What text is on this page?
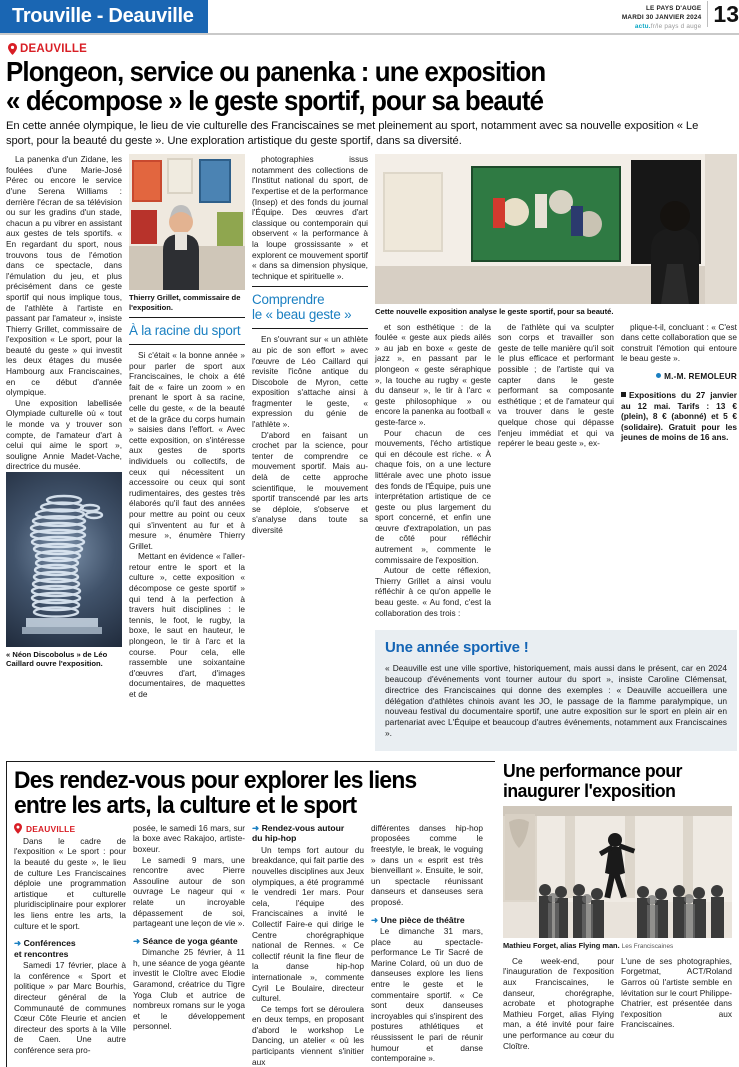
Trouville - Deauville	LE PAYS D'AUGE
MARDI 30 JANVIER 2024
actu.fr/le pays d auge 13
DEAUVILLE
Plongeon, service ou panenka : une exposition
« décompose » le geste sportif, pour sa beauté
En cette année olympique, le lieu de vie culturelle des Franciscaines se met pleinement au sport, notamment avec sa nouvelle exposition « Le sport, pour la beauté du geste ». Une exploration artistique du geste sportif, dans sa diversité.

La panenka d'un Zidane, les foulées d'une Marie-José Pérec ou encore le service d'une Serena Williams : derrière l'écran de sa télévision ou sur les gradins d'un stade, chacun a pu vibrer en assistant aux gestes de tels sportifs. « En regardant du sport, nous trouvons tous de l'émotion dans ce spectacle, dans l'émulation du jeu, et plus précisément dans ce geste sportif qui nous implique tous, de l'athlète à l'artiste en passant par l'amateur », insiste Thierry Grillet, commissaire de l'exposition « Le sport, pour la beauté du geste » qui investit les deux étages du musée Hambourg aux Franciscaines, en ce début d'année olympique.

Une exposition labellisée Olympiade culturelle où « tout le monde va y trouver son compte, de l'amateur d'art à celui qui aime le sport », souligne Annie Madet-Vache, directrice du musée.

« Néon Discobolus » de Léo Caillard ouvre l'exposition.
Thierry Grillet, commissaire de l'exposition.
À la racine du sport

Si c'était « la bonne année » pour parler de sport aux Franciscaines, le choix a été fait de « faire un zoom » en prenant le sport à sa racine, celle du geste, « de la beauté et de la grâce du corps humain » saisies dans l'effort. « Avec cette exposition, on s'intéresse aux gestes de sports individuels ou collectifs, de ceux qui nécessitent un accessoire ou ceux qui sont rudimentaires, des gestes très élaborés qu'il faut des années pour mettre au point ou ceux qui s'inventent au fur et à mesure », énumère Thierry Grillet.

Mettant en évidence « l'aller-retour entre le sport et la culture », cette exposition « décompose ce geste sportif » qui tend à la perfection à travers huit disciplines : le tennis, le foot, le rugby, la boxe, le saut en hauteur, le plongeon, le tir à l'arc et la course. Pour cela, elle rassemble une soixantaine d'œuvres d'art, d'images documentaires, de maquettes et de

photographies issus notamment des collections de l'Institut national du sport, de l'expertise et de la performance (Insep) et des fonds du journal l'Équipe. Des œuvres d'art classique ou contemporain qui observent « la performance à la loupe grossissante » et explorent ce mouvement sportif « dans sa dimension physique, technique et spirituelle ».

Comprendre
le « beau geste »

En s'ouvrant sur « un athlète au pic de son effort » avec l'œuvre de Léo Caillard qui revisite l'icône antique du Discobole de Myron, cette exposition s'attache ainsi à fragmenter le geste, « expression du génie de l'athlète ».

D'abord en faisant un crochet par la science, pour tenter de comprendre ce mouvement sportif. Mais au-delà de cette approche scientifique, le mouvement sportif transcendé par les arts se déploie, s'observe et s'analyse dans toute sa diversité

Cette nouvelle exposition analyse le geste sportif, pour sa beauté.

et son esthétique : de la foulée « geste aux pieds ailés » au jab en boxe « geste de jazz », en passant par le plongeon « geste séraphique », la touche au rugby « geste du danseur », le tir à l'arc « geste philosophique » ou encore la panenka au football « geste-farce ».

Pour chacun de ces mouvements, l'écho artistique qui en découle est riche. « À chaque fois, on a une lecture littérale avec une photo issue des fonds de l'Équipe, puis une interprétation artistique de ce geste ou plus largement du sport concerné, et enfin une œuvre d'extrapolation, un pas de côté pour réfléchir autrement », commente le commissaire de l'exposition.

Autour de cette réflexion, Thierry Grillet a ainsi voulu réfléchir à ce qu'on appelle le beau geste. « Au fond, c'est la collaboration des trois :

de l'athlète qui va sculpter son corps et travailler son geste de telle manière qu'il soit le plus efficace et performant possible ; de l'artiste qui va capter dans le geste performant sa composante esthétique ; et de l'amateur qui va trouver dans le geste quelque chose qui dépasse l'enjeu immédiat et qui va repérer le beau geste », ex-

plique-t-il, concluant : « C'est dans cette collaboration que se construit l'émotion qui entoure le beau geste ».

M.-M. REMOLEUR
Expositions du 27 janvier au 12 mai. Tarifs : 13 € (plein), 8 € (abonné) et 5 € (solidaire). Gratuit pour les jeunes de moins de 16 ans.
Une année sportive !

« Deauville est une ville sportive, historiquement, mais aussi dans le présent, car en 2024 beaucoup d'événements vont tourner autour du sport », insiste Caroline Clémensat, directrice des Franciscaines qui donne des exemples : « Deauville accueillera une délégation d'athlètes chinois avant les JO, le passage de la flamme paralympique, un nouveau festival du documentaire sportif, une autre exposition sur le sport en plein air en partenariat avec L'Équipe et beaucoup d'autres événements, notamment aux Franciscaines ».

Des rendez-vous pour explorer les liens
entre les arts, la culture et le sport
DEAUVILLE

Dans le cadre de l'exposition « Le sport : pour la beauté du geste », le lieu de culture Les Franciscaines déploie une programmation artistique et culturelle pluridisciplinaire pour explorer les liens entre les arts, la culture et le sport.

➜ Conférences
et rencontres

Samedi 17 février, place à la conférence « Sport et politique » par Marc Bourhis, directeur général de la Communauté de communes Cœur Côte Fleurie et ancien directeur des sports à la Ville de Caen. Une autre conférence sera pro-

posée, le samedi 16 mars, sur la boxe avec Rakajoo, artiste-boxeur.

Le samedi 9 mars, une rencontre avec Pierre Assouline autour de son ouvrage Le nageur qui « relate un incroyable dépassement de soi, partageant une leçon de vie ».

➜ Séance de yoga géante

Dimanche 25 février, à 11 h, une séance de yoga géante investit le Cloître avec Elodie Garamond, créatrice du Tigre Yoga Club et autrice de nombreux romans sur le yoga et le développement personnel.

➜ Rendez-vous autour
du hip-hop

Un temps fort autour du breakdance, qui fait partie des nouvelles disciplines aux Jeux olympiques, a été programmé le vendredi 1er mars. Pour cela, l'équipe des Franciscaines a invité le Collectif Faire-e qui dirige le Centre chorégraphique national de Rennes. « Ce collectif réunit la fine fleur de la danse hip-hop internationale », commente Cyril Le Boulaire, directeur culturel.

Ce temps fort se déroulera en deux temps, en proposant d'abord le workshop Le Dancing, un atelier « où les participants viennent s'initier aux

différentes danses hip-hop proposées comme le freestyle, le break, le voguing » dans un « esprit est très bienveillant ». Ensuite, le soir, un spectacle réunissant danseurs et danseuses sera proposé.

➜ Une pièce de théâtre

Le dimanche 31 mars, place au spectacle-performance Le Tir Sacré de Marine Colard, où un duo de danseuses explore les liens entre le geste et le commentaire sportif. « Ce sont deux danseuses incroyables qui s'inspirent des postures athlétiques et réussissent le pari de réunir humour et danse contemporaine ».

Une performance pour
inaugurer l'exposition
Mathieu Forget, alias Flying man. Les Franciscaines

Ce week-end, pour l'inauguration de l'exposition aux Franciscaines, le danseur, chorégraphe, acrobate et photographe Mathieu Forget, alias Flying man, a été invité pour faire une performance au cœur du Cloître.

L'une de ses photographies, Forgetmat, ACT/Roland Garros où l'artiste semble en lévitation sur le court Philippe-Chatrier, est présentée dans l'exposition aux Franciscaines.
